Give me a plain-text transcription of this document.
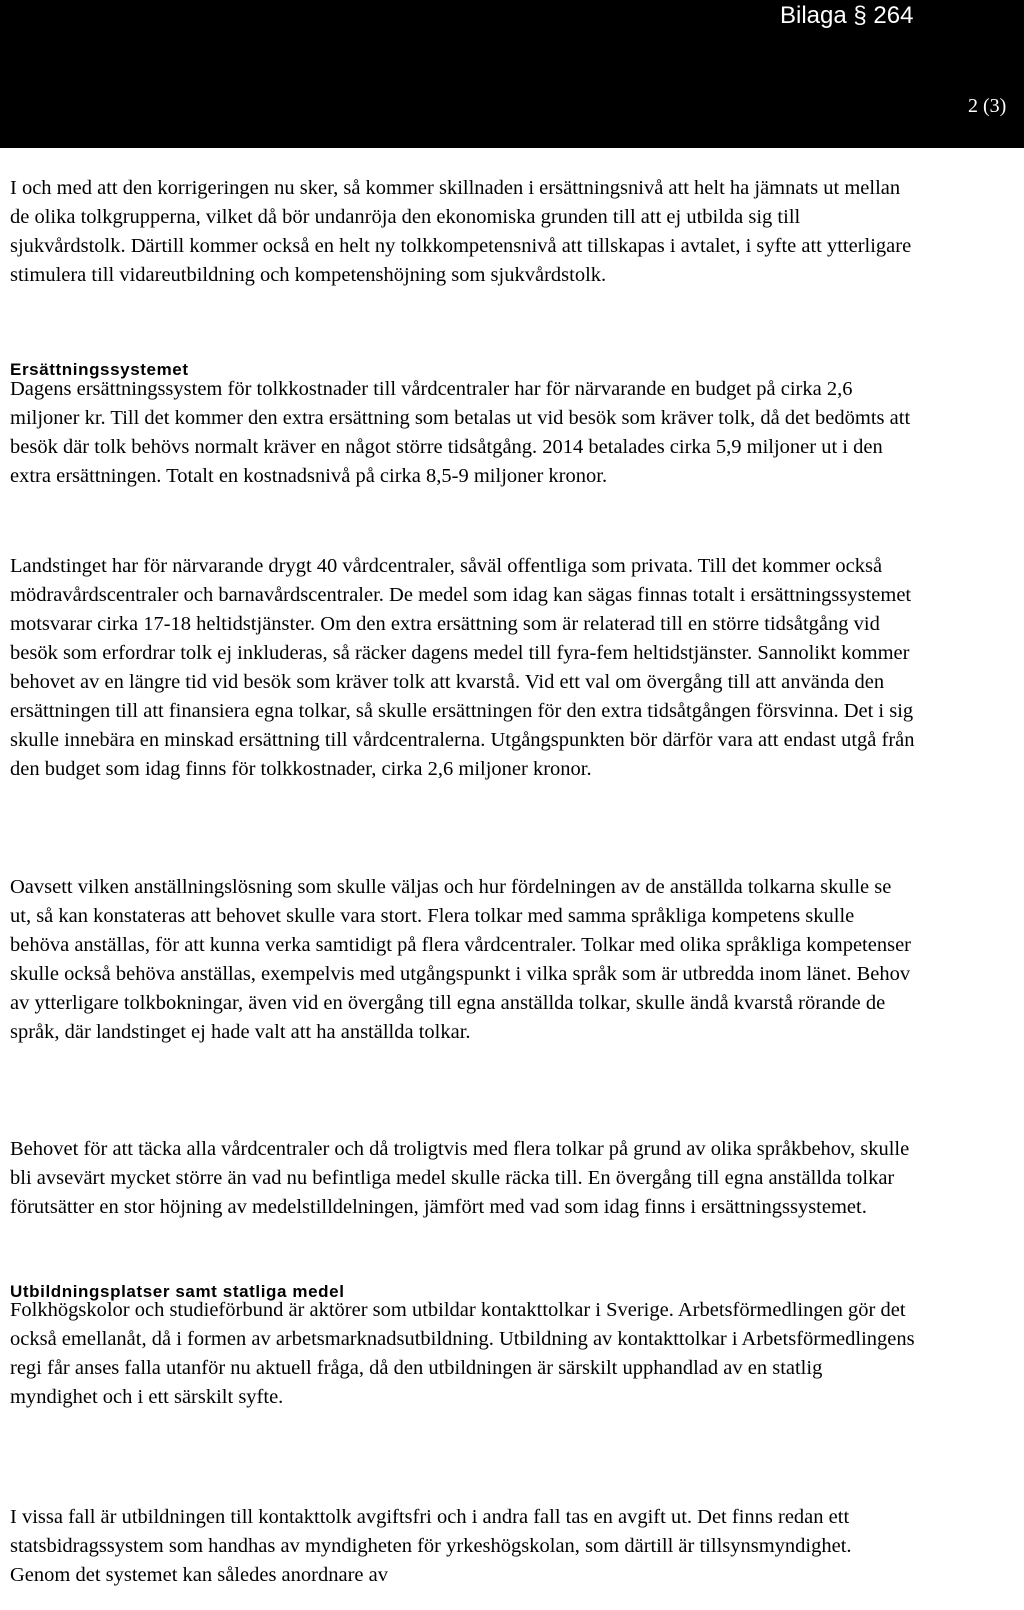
Bilaga § 264
2 (3)

I och med att den korrigeringen nu sker, så kommer skillnaden i ersättningsnivå att helt ha jämnats ut mellan de olika tolkgrupperna, vilket då bör undanröja den ekonomiska grunden till att ej utbilda sig till sjukvårdstolk. Därtill kommer också en helt ny tolkkompetensnivå att tillskapas i avtalet, i syfte att ytterligare stimulera till vidareutbildning och kompetenshöjning som sjukvårdstolk.

Ersättningssystemet

Dagens ersättningssystem för tolkkostnader till vårdcentraler har för närvarande en budget på cirka 2,6 miljoner kr. Till det kommer den extra ersättning som betalas ut vid besök som kräver tolk, då det bedömts att besök där tolk behövs normalt kräver en något större tidsåtgång. 2014 betalades cirka 5,9 miljoner ut i den extra ersättningen. Totalt en kostnadsnivå på cirka 8,5-9 miljoner kronor.

Landstinget har för närvarande drygt 40 vårdcentraler, såväl offentliga som privata. Till det kommer också mödravårdscentraler och barnavårdscentraler. De medel som idag kan sägas finnas totalt i ersättningssystemet motsvarar cirka 17-18 heltidstjänster. Om den extra ersättning som är relaterad till en större tidsåtgång vid besök som erfordrar tolk ej inkluderas, så räcker dagens medel till fyra-fem heltidstjänster. Sannolikt kommer behovet av en längre tid vid besök som kräver tolk att kvarstå. Vid ett val om övergång till att använda den ersättningen till att finansiera egna tolkar, så skulle ersättningen för den extra tidsåtgången försvinna. Det i sig skulle innebära en minskad ersättning till vårdcentralerna. Utgångspunkten bör därför vara att endast utgå från den budget som idag finns för tolkkostnader, cirka 2,6 miljoner kronor.

Oavsett vilken anställningslösning som skulle väljas och hur fördelningen av de anställda tolkarna skulle se ut, så kan konstateras att behovet skulle vara stort. Flera tolkar med samma språkliga kompetens skulle behöva anställas, för att kunna verka samtidigt på flera vårdcentraler. Tolkar med olika språkliga kompetenser skulle också behöva anställas, exempelvis med utgångspunkt i vilka språk som är utbredda inom länet. Behov av ytterligare tolkbokningar, även vid en övergång till egna anställda tolkar, skulle ändå kvarstå rörande de språk, där landstinget ej hade valt att ha anställda tolkar.

Behovet för att täcka alla vårdcentraler och då troligtvis med flera tolkar på grund av olika språkbehov, skulle bli avsevärt mycket större än vad nu befintliga medel skulle räcka till. En övergång till egna anställda tolkar förutsätter en stor höjning av medelstilldelningen, jämfört med vad som idag finns i ersättningssystemet.

Utbildningsplatser samt statliga medel

Folkhögskolor och studieförbund är aktörer som utbildar kontakttolkar i Sverige. Arbetsförmedlingen gör det också emellanåt, då i formen av arbetsmarknadsutbildning. Utbildning av kontakttolkar i Arbetsförmedlingens regi får anses falla utanför nu aktuell fråga, då den utbildningen är särskilt upphandlad av en statlig myndighet och i ett särskilt syfte.

I vissa fall är utbildningen till kontakttolk avgiftsfri och i andra fall tas en avgift ut. Det finns redan ett statsbidragssystem som handhas av myndigheten för yrkeshögskolan, som därtill är tillsynsmyndighet. Genom det systemet kan således anordnare av
